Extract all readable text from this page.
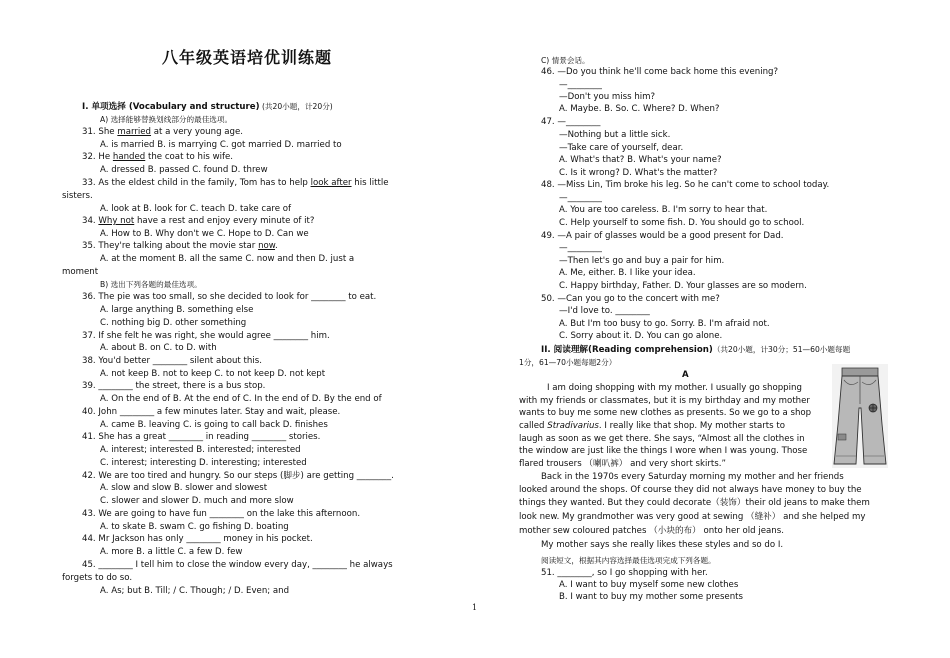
八年级英语培优训练题
I. 单项选择 (Vocabulary and structure) (共20小题，计20分)
A) 选择能够替换划线部分的最佳选项。
31. She married at a very young age.
A. is married B. is marrying C. got married D. married to
32. He handed the coat to his wife.
A. dressed B. passed C. found D. threw
33. As the eldest child in the family, Tom has to help look after his little
sisters.
A. look at B. look for C. teach D. take care of
34. Why not have a rest and enjoy every minute of it?
A. How to B. Why don't we C. Hope to D. Can we
35. They're talking about the movie star now.
A. at the moment B. all the same C. now and then D. just a
moment
36. The pie was too small, so she decided to look for ________ to eat.
A. large anything B. something else
C. nothing big D. other something
37. If she felt he was right, she would agree ________ him.
A. about B. on C. to D. with
38. You'd better ________ silent about this.
A. not keep B. not to keep C. to not keep D. not kept
39. ________ the street, there is a bus stop.
A. On the end of B. At the end of C. In the end of D. By the end of
40. John ________ a few minutes later. Stay and wait, please.
A. came B. leaving C. is going to call back D. finishes
41. She has a great ________ in reading ________ stories.
A. interest; interested B. interested; interested
C. interest; interesting D. interesting; interested
42. We are too tired and hungry. So our steps (脚步) are getting ________.
A. slow and slow B. slower and slowest
C. slower and slower D. much and more slow
43. We are going to have fun ________ on the lake this afternoon.
A. to skate B. swam C. go fishing D. boating
44. Mr Jackson has only ________ money in his pocket.
A. more B. a little C. a few D. few
45. ________ I tell him to close the window every day, ________ he always
forgets to do so.
A. As; but B. Till; / C. Though; / D. Even; and
B) 选出下列各题的最佳选项。
C) 情景会话。
46. —Do you think he'll come back home this evening?
—________
—Don't you miss him?
A. Maybe. B. So. C. Where? D. When?
47. —________
—Nothing but a little sick.
—Take care of yourself, dear.
A. What's that? B. What's your name?
C. Is it wrong? D. What's the matter?
48. —Miss Lin, Tim broke his leg. So he can't come to school today.
—________
A. You are too careless. B. I'm sorry to hear that.
C. Help yourself to some fish. D. You should go to school.
49. —A pair of glasses would be a good present for Dad.
—________
—Then let's go and buy a pair for him.
A. Me, either. B. I like your idea.
C. Happy birthday, Father. D. Your glasses are so modern.
50. —Can you go to the concert with me?
—I'd love to. ________
A. But I'm too busy to go. Sorry. B. I'm afraid not.
C. Sorry about it. D. You can go alone.
II. 阅读理解(Reading comprehension)（共20小题，计30分；51—60小题每题
1分，61—70小题每题2分）
A
I am doing shopping with my mother. I usually go shopping
with my friends or classmates, but it is my birthday and my mother
wants to buy me some new clothes as presents. So we go to a shop
called Stradivarius. I really like that shop. My mother starts to
laugh as soon as we get there. She says, “Almost all the clothes in
the window are just like the things I wore when I was young. Those
flared trousers （喇叭裤） and very short skirts.”
Back in the 1970s every Saturday morning my mother and her friends
looked around the shops. Of course they did not always have money to buy the
things they wanted. But they could decorate（装饰）their old jeans to make them
look new. My grandmother was very good at sewing （缝补） and she helped my
mother sew coloured patches （小块的布） onto her old jeans.
My mother says she really likes these styles and so do I.
阅读短文，根据其内容选择最佳选项完成下列各题。
51. ________, so I go shopping with her.
A. I want to buy myself some new clothes
B. I want to buy my mother some presents
1
